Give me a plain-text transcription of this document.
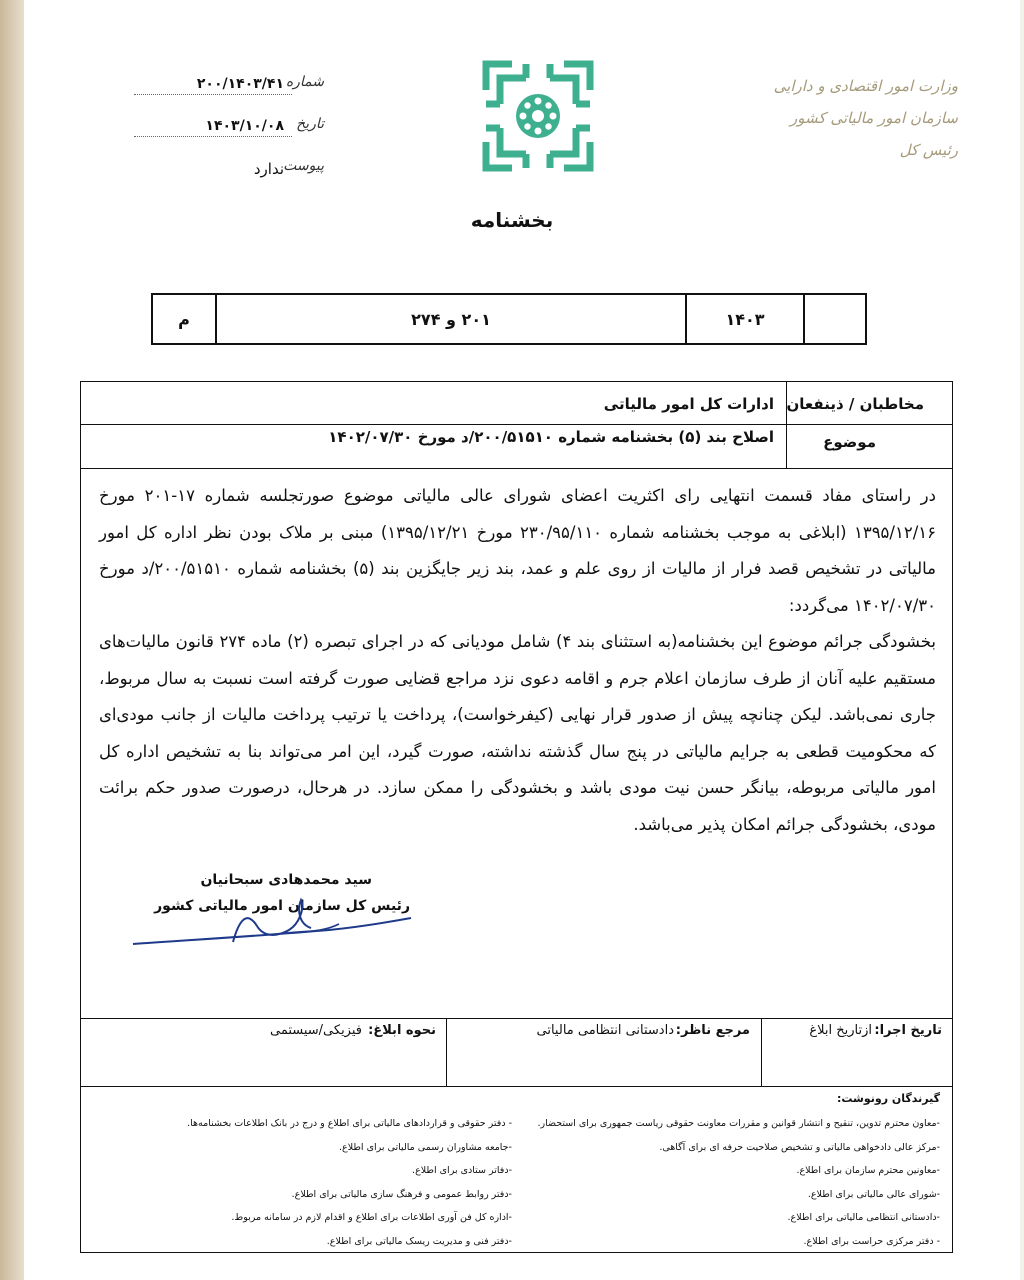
شماره
۲۰۰/۱۴۰۳/۴۱
تاریخ
۱۴۰۳/۱۰/۰۸
پیوست
ندارد
وزارت امور اقتصادی و دارایی
سازمان امور مالیاتی کشور
رئیس کل
بخشنامه
۱۴۰۳
۲۰۱ و ۲۷۴
م
مخاطبان / ذینفعان
ادارات کل امور مالیاتی
موضوع
اصلاح بند (۵) بخشنامه شماره ۲۰۰/۵۱۵۱۰/د مورخ ۱۴۰۲/۰۷/۳۰

در راستای مفاد قسمت انتهایی رای اکثریت اعضای شورای عالی مالیاتی موضوع صورتجلسه شماره ۱۷-۲۰۱ مورخ ۱۳۹۵/۱۲/۱۶ (ابلاغی به موجب بخشنامه شماره ۲۳۰/۹۵/۱۱۰ مورخ ۱۳۹۵/۱۲/۲۱) مبنی بر ملاک بودن نظر اداره کل امور مالیاتی در تشخیص قصد فرار از مالیات از روی علم و عمد، بند زیر جایگزین بند (۵) بخشنامه شماره ۲۰۰/۵۱۵۱۰/د مورخ ۱۴۰۲/۰۷/۳۰ می‌گردد:

بخشودگی جرائم موضوع این بخشنامه(به استثنای بند ۴) شامل مودیانی که در اجرای تبصره (۲) ماده ۲۷۴ قانون مالیات‌های مستقیم علیه آنان از طرف سازمان اعلام جرم و اقامه دعوی نزد مراجع قضایی صورت گرفته است نسبت به سال مربوط، جاری نمی‌باشد. لیکن چنانچه پیش از صدور قرار نهایی (کیفرخواست)، پرداخت یا ترتیب پرداخت مالیات از جانب مودی‌ای که محکومیت قطعی به جرایم مالیاتی در پنج سال گذشته نداشته، صورت گیرد، این امر می‌تواند بنا به تشخیص اداره کل امور مالیاتی مربوطه، بیانگر حسن نیت مودی باشد و بخشودگی را ممکن سازد. در هرحال، درصورت صدور حکم برائت مودی، بخشودگی جرائم امکان پذیر می‌باشد.

سید محمدهادی سبحانیان
رئیس کل سازمان امور مالیاتی کشور
تاریخ اجرا:
ازتاریخ ابلاغ
مرجع ناظر:
دادستانی انتظامی مالیاتی
نحوه ابلاغ:
فیزیکی/سیستمی
گیرندگان رونوشت:
-معاون محترم تدوین، تنقیح و انتشار قوانین و مقررات معاونت حقوقی ریاست جمهوری برای استحضار.
-مرکز عالی دادخواهی مالیاتی و تشخیص صلاحیت حرفه ای برای آگاهی.
-معاونین محترم سازمان برای اطلاع.
-شورای عالی مالیاتی برای اطلاع.
-دادستانی انتظامی مالیاتی برای اطلاع.
- دفتر مرکزی حراست برای اطلاع.
- دفتر حقوقی و قراردادهای مالیاتی برای اطلاع و درج در بانک اطلاعات بخشنامه‌ها.
-جامعه مشاوران رسمی مالیاتی برای اطلاع.
-دفاتر ستادی برای اطلاع.
-دفتر روابط عمومی و فرهنگ سازی مالیاتی برای اطلاع.
-اداره کل فن آوری اطلاعات برای اطلاع و اقدام لازم در سامانه مربوط.
-دفتر فنی و مدیریت ریسک مالیاتی برای اطلاع.
